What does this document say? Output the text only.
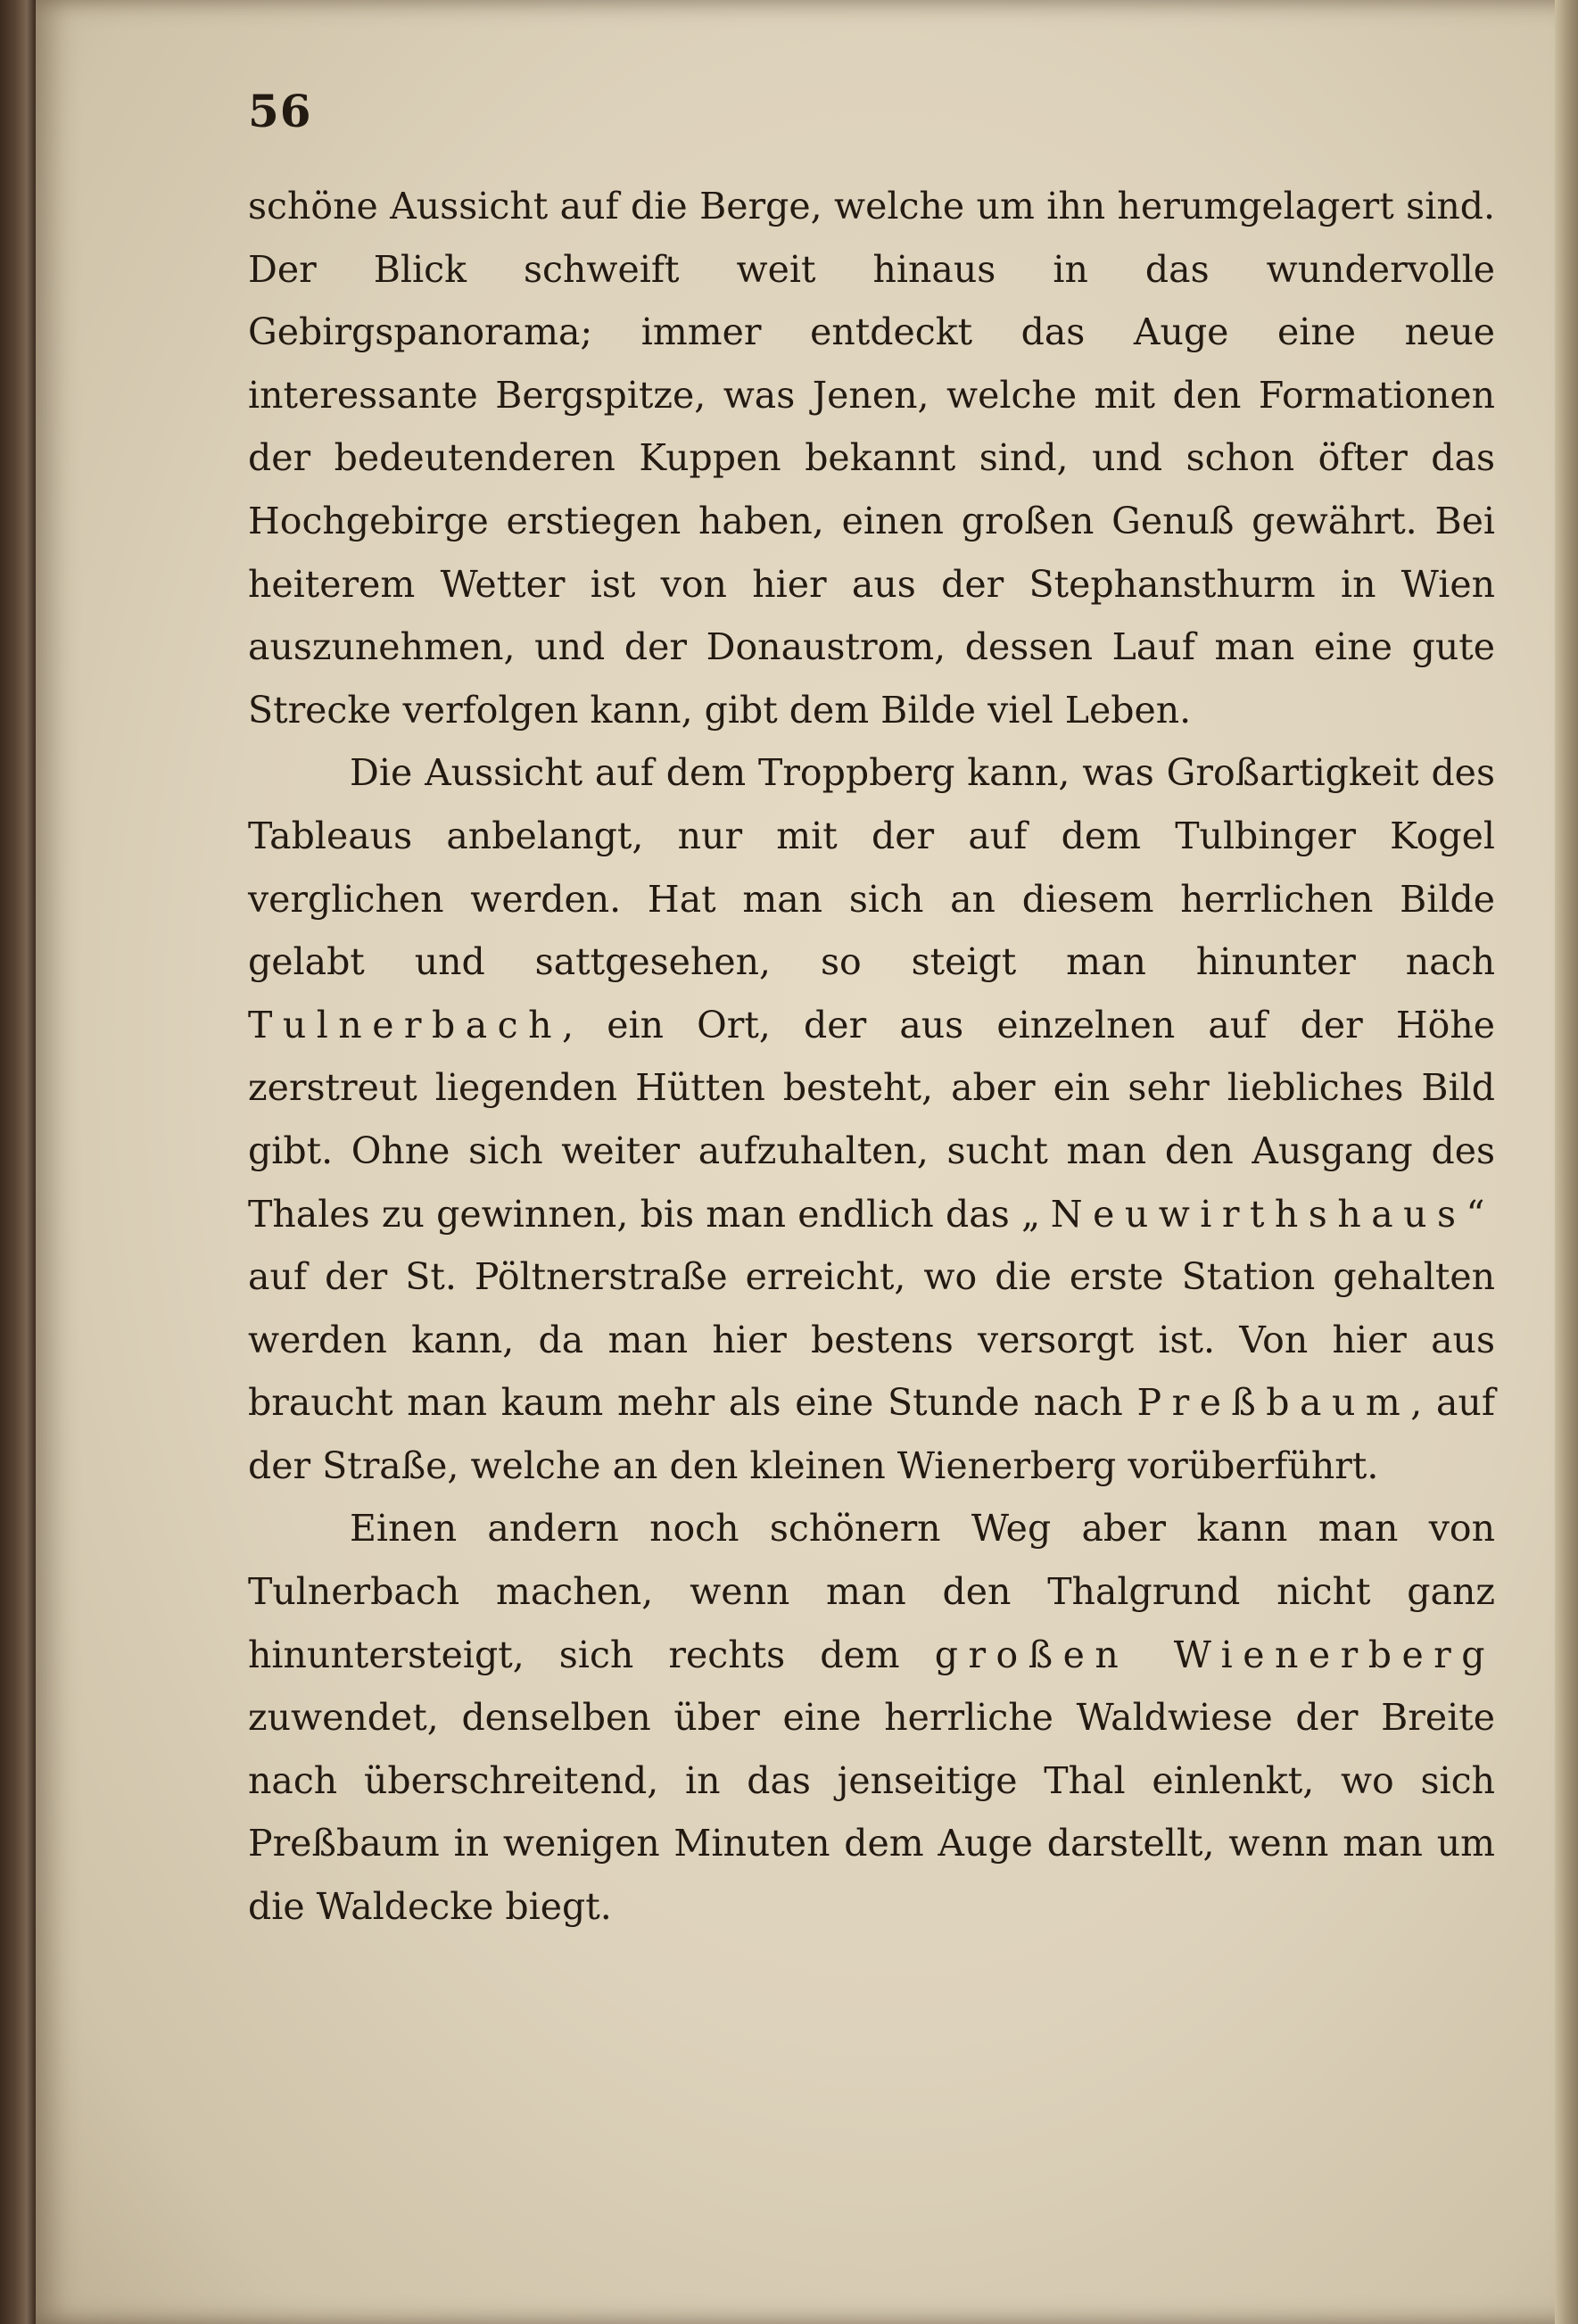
56

schöne Aussicht auf die Berge, welche um ihn herumgelagert sind. Der Blick schweift weit hinaus in das wundervolle Gebirgspanorama; immer entdeckt das Auge eine neue interessante Bergspitze, was Jenen, welche mit den Formationen der bedeutenderen Kuppen bekannt sind, und schon öfter das Hochgebirge erstiegen haben, einen großen Genuß gewährt. Bei heiterem Wetter ist von hier aus der Stephansthurm in Wien auszunehmen, und der Donaustrom, dessen Lauf man eine gute Strecke verfolgen kann, gibt dem Bilde viel Leben.

Die Aussicht auf dem Troppberg kann, was Großartigkeit des Tableaus anbelangt, nur mit der auf dem Tulbinger Kogel verglichen werden. Hat man sich an diesem herrlichen Bilde gelabt und sattgesehen, so steigt man hinunter nach Tulnerbach, ein Ort, der aus einzelnen auf der Höhe zerstreut liegenden Hütten besteht, aber ein sehr liebliches Bild gibt. Ohne sich weiter aufzuhalten, sucht man den Ausgang des Thales zu gewinnen, bis man endlich das „Neuwirthshaus“ auf der St. Pöltnerstraße erreicht, wo die erste Station gehalten werden kann, da man hier bestens versorgt ist. Von hier aus braucht man kaum mehr als eine Stunde nach Preßbaum, auf der Straße, welche an den kleinen Wienerberg vorüberführt.

Einen andern noch schönern Weg aber kann man von Tulnerbach machen, wenn man den Thalgrund nicht ganz hinuntersteigt, sich rechts dem großen Wienerberg zuwendet, denselben über eine herrliche Waldwiese der Breite nach überschreitend, in das jenseitige Thal einlenkt, wo sich Preßbaum in wenigen Minuten dem Auge darstellt, wenn man um die Waldecke biegt.
